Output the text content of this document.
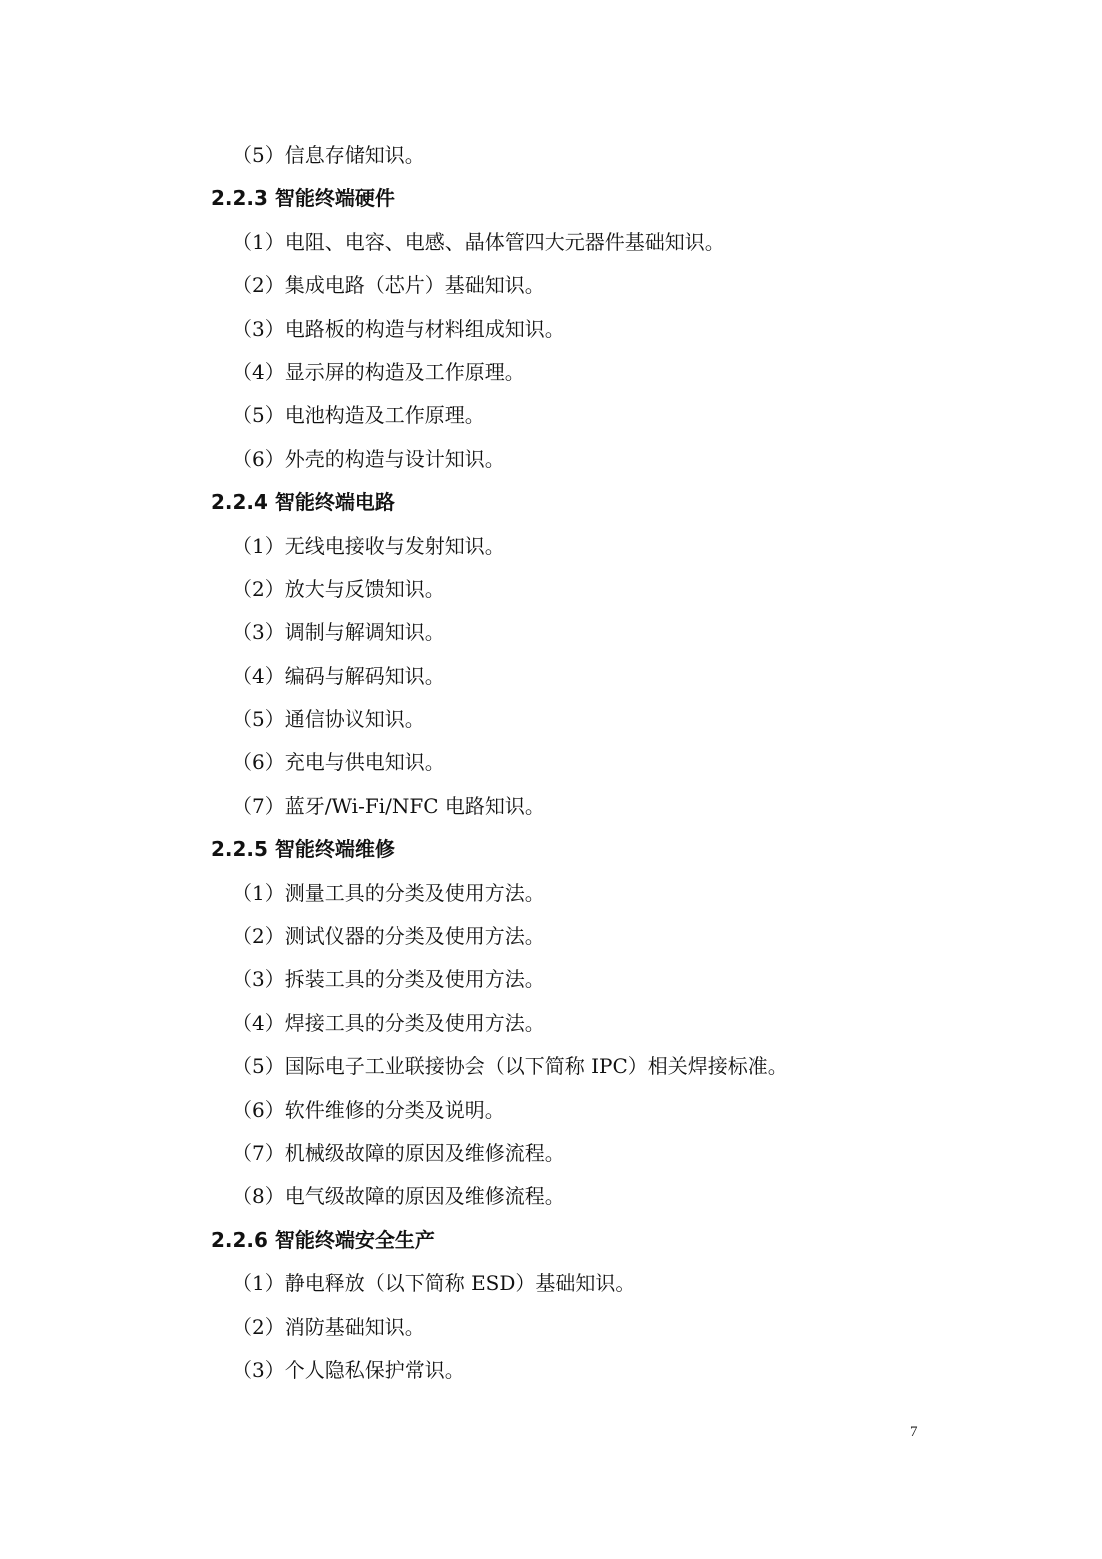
（5）信息存储知识。
2.2.3 智能终端硬件
（1）电阻、电容、电感、晶体管四大元器件基础知识。
（2）集成电路（芯片）基础知识。
（3）电路板的构造与材料组成知识。
（4）显示屏的构造及工作原理。
（5）电池构造及工作原理。
（6）外壳的构造与设计知识。
2.2.4 智能终端电路
（1）无线电接收与发射知识。
（2）放大与反馈知识。
（3）调制与解调知识。
（4）编码与解码知识。
（5）通信协议知识。
（6）充电与供电知识。
（7）蓝牙/Wi-Fi/NFC 电路知识。
2.2.5 智能终端维修
（1）测量工具的分类及使用方法。
（2）测试仪器的分类及使用方法。
（3）拆装工具的分类及使用方法。
（4）焊接工具的分类及使用方法。
（5）国际电子工业联接协会（以下简称 IPC）相关焊接标准。
（6）软件维修的分类及说明。
（7）机械级故障的原因及维修流程。
（8）电气级故障的原因及维修流程。
2.2.6 智能终端安全生产
（1）静电释放（以下简称 ESD）基础知识。
（2）消防基础知识。
（3）个人隐私保护常识。
7
